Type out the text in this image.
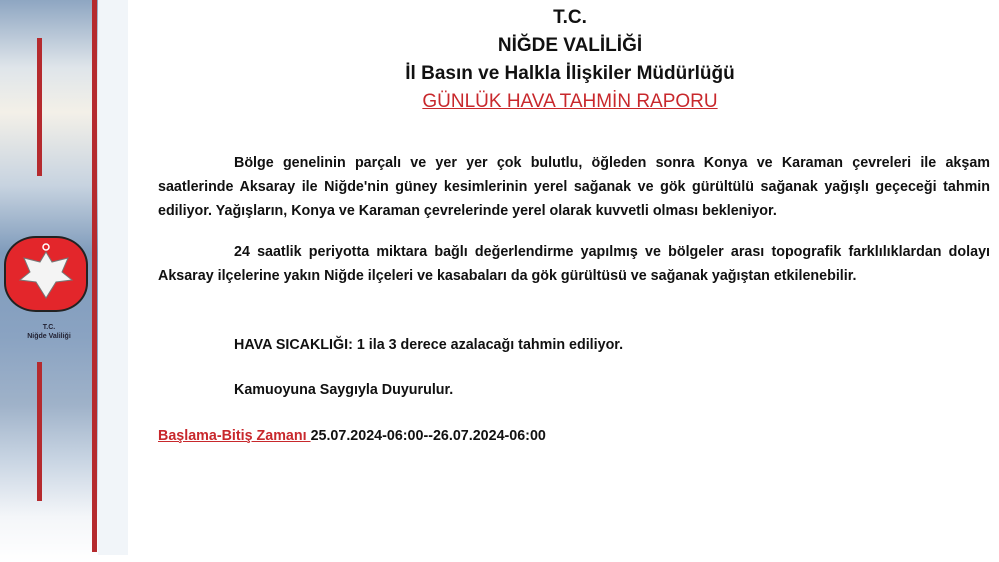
T.C.
Niğde Valiliği
T.C.
NİĞDE VALİLİĞİ
İl Basın ve Halkla İlişkiler Müdürlüğü
GÜNLÜK HAVA TAHMİN RAPORU
Bölge genelinin parçalı ve yer yer çok bulutlu, öğleden sonra Konya ve Karaman çevreleri ile akşam saatlerinde Aksaray ile Niğde'nin güney kesimlerinin yerel sağanak ve gök gürültülü sağanak yağışlı geçeceği tahmin ediliyor. Yağışların, Konya ve Karaman çevrelerinde yerel olarak kuvvetli olması bekleniyor.
24 saatlik periyotta miktara bağlı değerlendirme yapılmış ve bölgeler arası topografik farklılıklardan dolayı Aksaray ilçelerine yakın Niğde ilçeleri ve kasabaları da gök gürültüsü ve sağanak yağıştan etkilenebilir.
HAVA SICAKLIĞI: 1 ila 3 derece azalacağı tahmin ediliyor.
Kamuoyuna Saygıyla Duyurulur.
Başlama-Bitiş Zamanı 25.07.2024-06:00--26.07.2024-06:00
